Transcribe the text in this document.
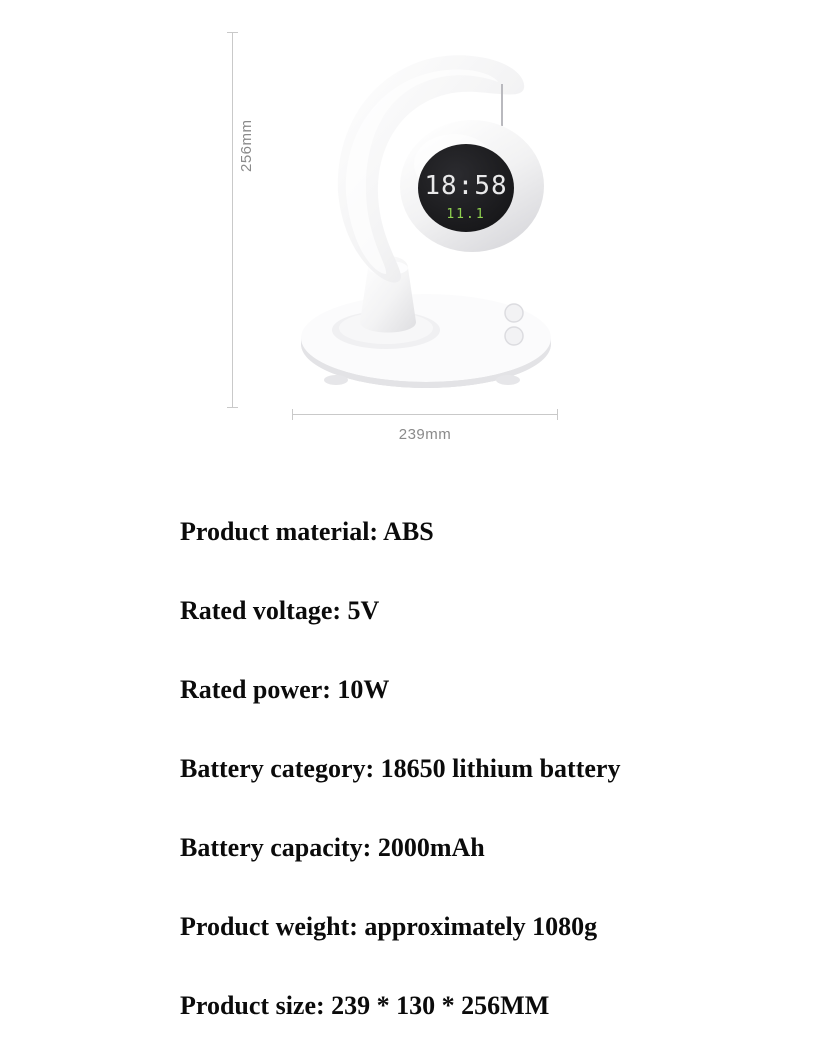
256mm
239mm
18:58
11.1
Product material: ABS
Rated voltage: 5V
Rated power: 10W
Battery category: 18650 lithium battery
Battery capacity: 2000mAh
Product weight: approximately 1080g
Product size: 239 * 130 * 256MM
